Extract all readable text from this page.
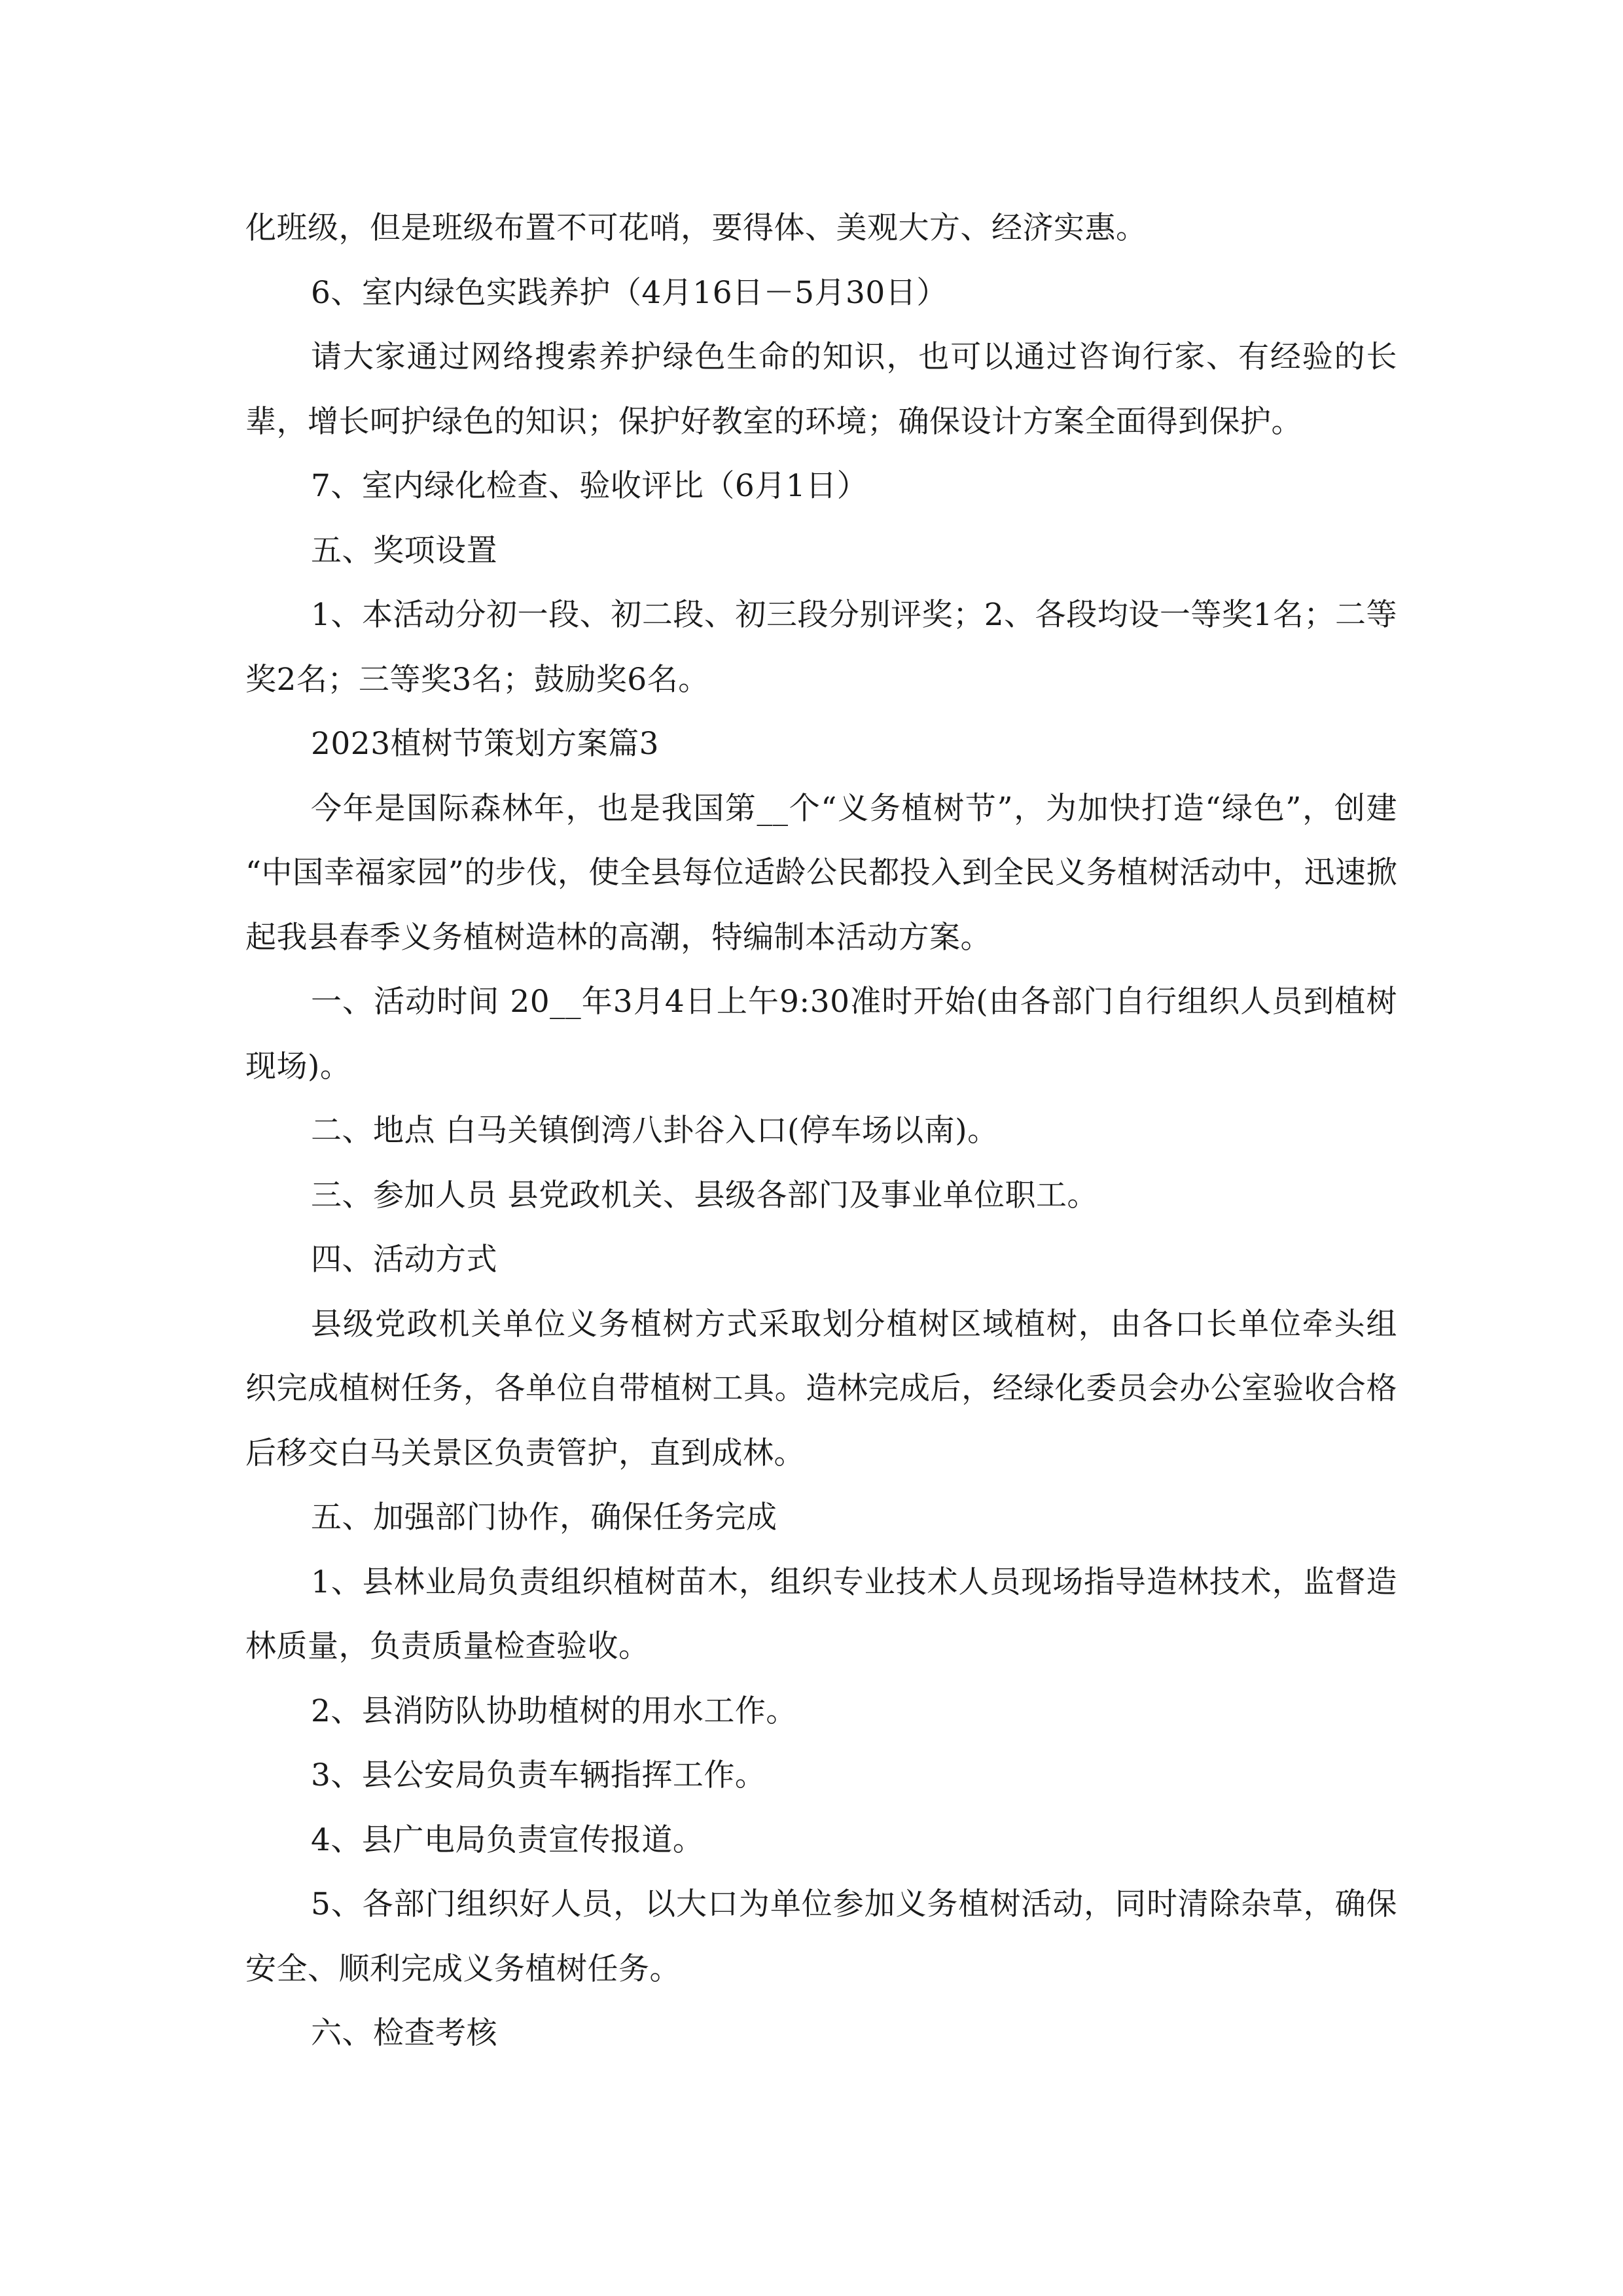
化班级，但是班级布置不可花哨，要得体、美观大方、经济实惠。

6、室内绿色实践养护（4月16日－5月30日）

请大家通过网络搜索养护绿色生命的知识，也可以通过咨询行家、有经验的长辈，增长呵护绿色的知识；保护好教室的环境；确保设计方案全面得到保护。

7、室内绿化检查、验收评比（6月1日）

五、奖项设置

1、本活动分初一段、初二段、初三段分别评奖；2、各段均设一等奖1名；二等奖2名；三等奖3名；鼓励奖6名。

2023植树节策划方案篇3

今年是国际森林年，也是我国第__个“义务植树节”，为加快打造“绿色”，创建 “中国幸福家园”的步伐，使全县每位适龄公民都投入到全民义务植树活动中，迅速掀起我县春季义务植树造林的高潮，特编制本活动方案。

一、活动时间 20__年3月4日上午9:30准时开始(由各部门自行组织人员到植树现场)。

二、地点 白马关镇倒湾八卦谷入口(停车场以南)。

三、参加人员 县党政机关、县级各部门及事业单位职工。

四、活动方式

县级党政机关单位义务植树方式采取划分植树区域植树，由各口长单位牵头组织完成植树任务，各单位自带植树工具。造林完成后，经绿化委员会办公室验收合格后移交白马关景区负责管护，直到成林。

五、加强部门协作，确保任务完成

1、县林业局负责组织植树苗木，组织专业技术人员现场指导造林技术，监督造林质量，负责质量检查验收。

2、县消防队协助植树的用水工作。

3、县公安局负责车辆指挥工作。

4、县广电局负责宣传报道。

5、各部门组织好人员，以大口为单位参加义务植树活动，同时清除杂草，确保安全、顺利完成义务植树任务。

六、检查考核
